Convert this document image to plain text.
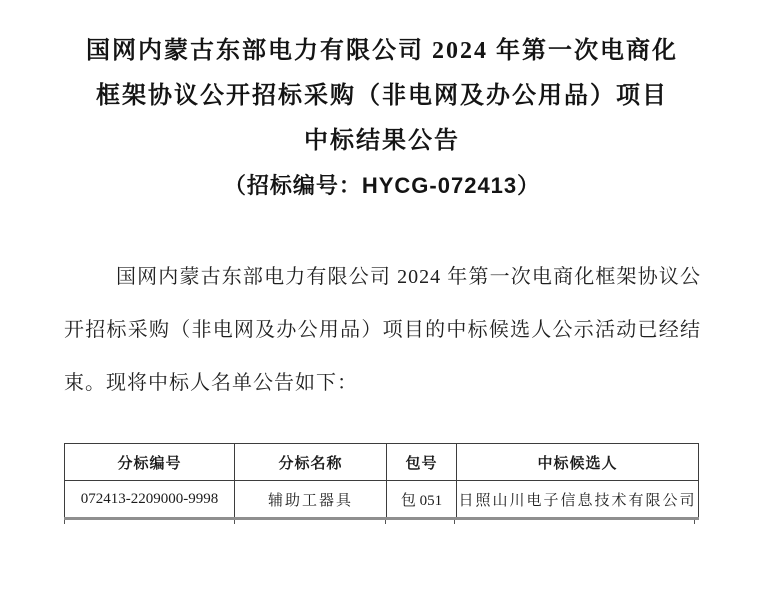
国网内蒙古东部电力有限公司 2024 年第一次电商化
框架协议公开招标采购（非电网及办公用品）项目
中标结果公告
（招标编号：HYCG-072413）
国网内蒙古东部电力有限公司 2024 年第一次电商化框架协议公
开招标采购（非电网及办公用品）项目的中标候选人公示活动已经结
束。现将中标人名单公告如下：
分标编号	分标名称	包号	中标候选人
072413-2209000-9998	辅助工器具	包 051	日照山川电子信息技术有限公司
